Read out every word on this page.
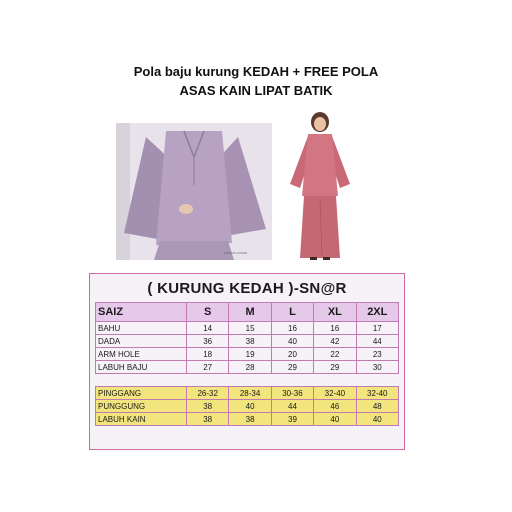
Pola baju kurung KEDAH + FREE POLA
ASAS KAIN LIPAT BATIK
CIANTIK FOSSIL
( KURUNG KEDAH )-SN@R
SAIZ	S	M	L	XL	2XL
BAHU	14	15	16	16	17
DADA	36	38	40	42	44
ARM HOLE	18	19	20	22	23
LABUH BAJU	27	28	29	29	30

PINGGANG	26-32	28-34	30-36	32-40	32-40
PUNGGUNG	38	40	44	46	48
LABUH KAIN	38	38	39	40	40
